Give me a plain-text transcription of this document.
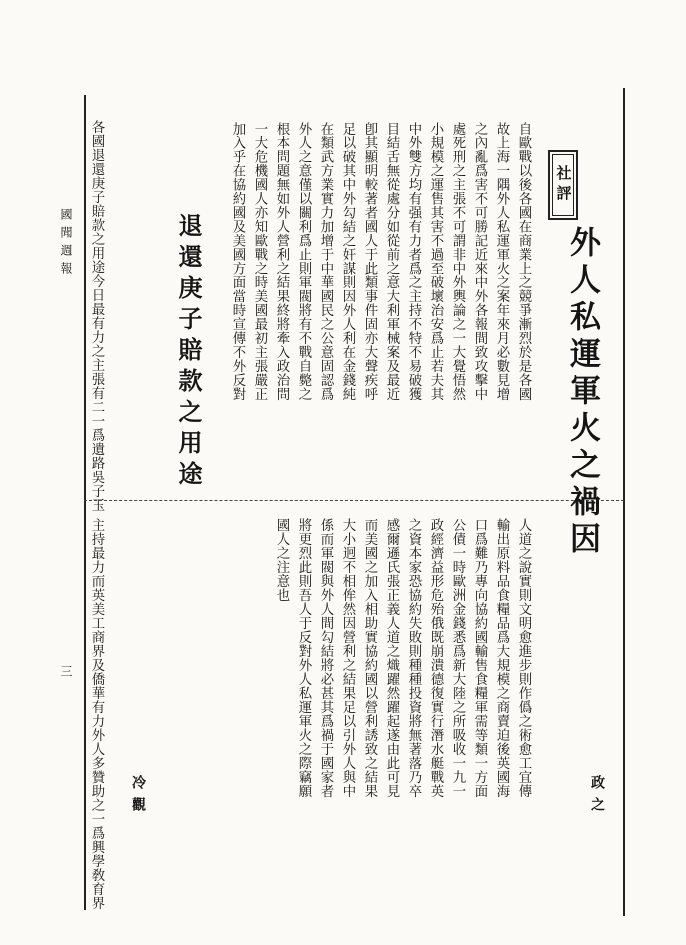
社評
外人私運軍火之禍因
政之
自歐戰以後各國在商業上之競爭漸烈於是各國
故上海一隅外人私運軍火之案年來月必數見增
之內亂爲害不可勝記近來中外各報間致攻擊中
處死刑之主張不可謂非中外輿論之一大覺悟然
小規模之運售其害不過至破壞治安爲止若夫其
中外雙方均有强有力者爲之主持不特不易破獲
目結舌無從處分如從前之意大利軍械案及最近
卽其顯明較著者國人于此類事件固亦大聲疾呼
足以破其中外勾結之奸謀則因外人利在金錢純
在類武方業實力加增于中華國民之公意固認爲
外人之意僅以關利爲止則軍閥將有不戰自斃之
根本問題無如外人營利之結果終將牽入政治問
一大危機國人亦知歐戰之時美國最初主張嚴正
加入乎在協約國及美國方面當時宣傳不外反對
退還庚子賠款之用途
冷觀
各國退還庚子賠款之用途今日最有力之主張有二一爲遺路吳子玉
主持最力而英美工商界及僑華有力外人多贊助之一爲興學敎育界	人道之說實則文明愈進步則作僞之術愈工宜傳
輸出原料品食糧品爲大規模之商賣迫後英國海
口爲難乃專向協約國輸售食糧軍需等類一方面
公債一時歐洲金錢悉爲新大陸之所吸收一九一
政經濟益形危殆俄既崩潰德復實行潛水艇戰英
之資本家恐協約失敗則種種投資將無著落乃卒
感爾遜氏張正義人道之熾躍然躍起遂由此可見
而美國之加入相助實協約國以營利誘致之結果
大小迥不相侔然因營利之結果足以引外人與中
係而軍閥與外人間勾結將必甚其爲禍于國家者
將更烈此則吾人于反對外人私運軍火之際竊願
國人之注意也
國聞週報
三
